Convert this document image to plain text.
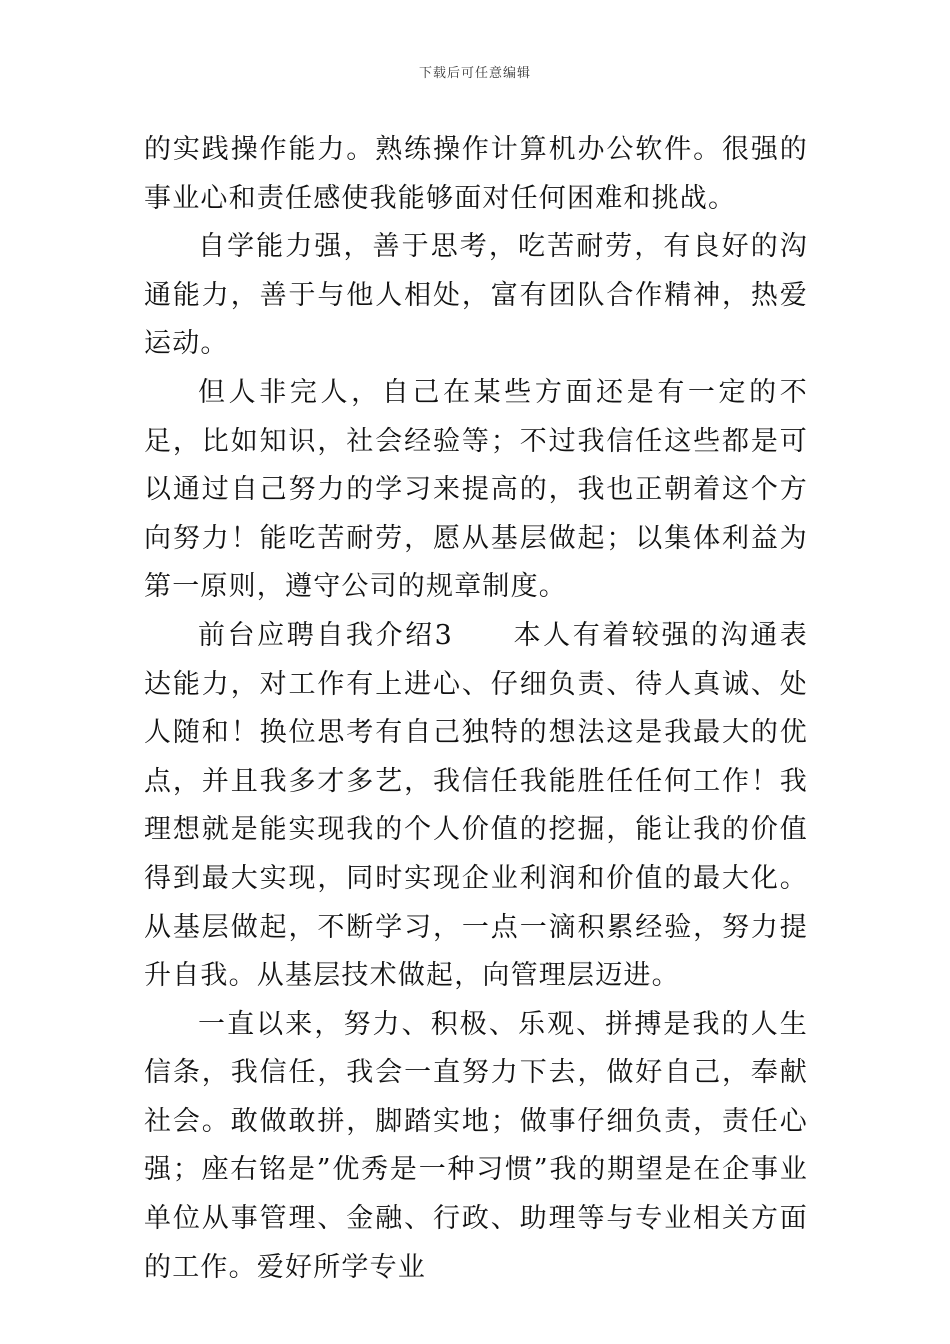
下载后可任意编辑

的实践操作能力。熟练操作计算机办公软件。很强的事业心和责任感使我能够面对任何困难和挑战。

自学能力强，善于思考，吃苦耐劳，有良好的沟通能力，善于与他人相处，富有团队合作精神，热爱运动。

但人非完人，自己在某些方面还是有一定的不足，比如知识，社会经验等；不过我信任这些都是可以通过自己努力的学习来提高的，我也正朝着这个方向努力！能吃苦耐劳，愿从基层做起；以集体利益为第一原则，遵守公司的规章制度。

前台应聘自我介绍3　　本人有着较强的沟通表达能力，对工作有上进心、仔细负责、待人真诚、处人随和！换位思考有自己独特的想法这是我最大的优点，并且我多才多艺，我信任我能胜任任何工作！我理想就是能实现我的个人价值的挖掘，能让我的价值得到最大实现，同时实现企业利润和价值的最大化。从基层做起，不断学习，一点一滴积累经验，努力提升自我。从基层技术做起，向管理层迈进。

一直以来，努力、积极、乐观、拼搏是我的人生信条，我信任，我会一直努力下去，做好自己，奉献社会。敢做敢拼，脚踏实地；做事仔细负责，责任心强；座右铭是”优秀是一种习惯”我的期望是在企事业单位从事管理、金融、行政、助理等与专业相关方面的工作。爱好所学专业
